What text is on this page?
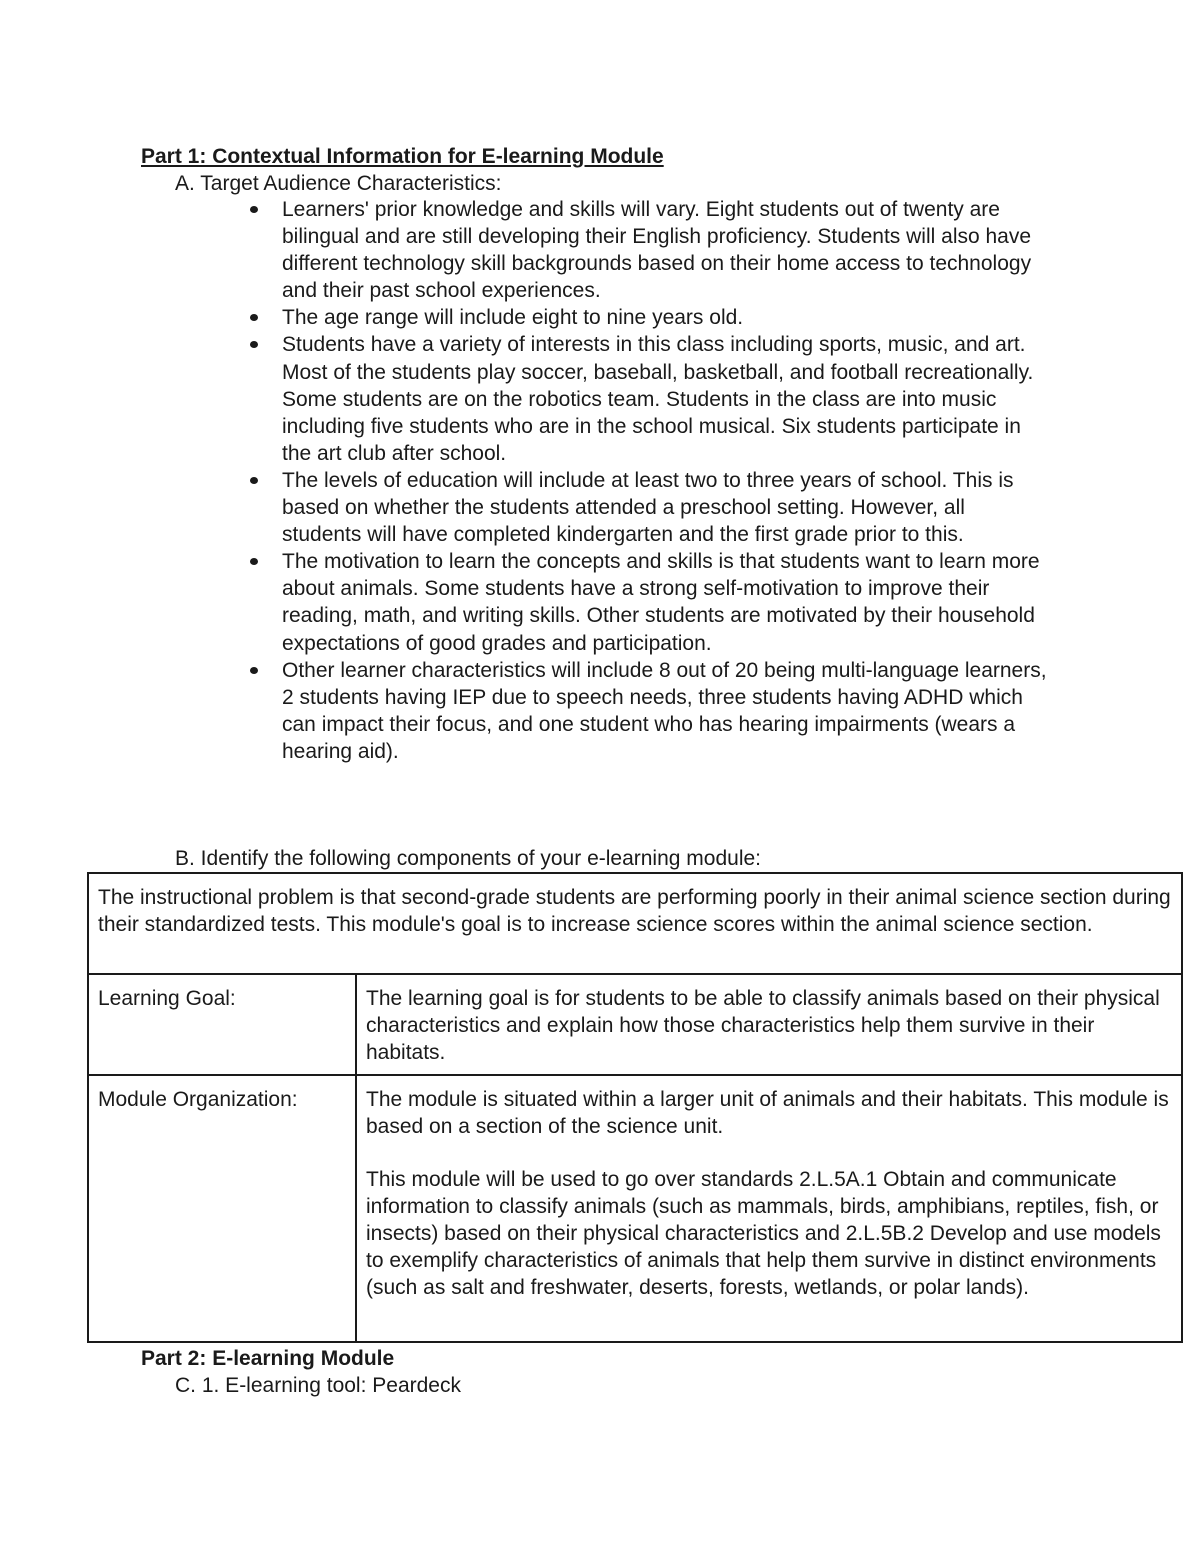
Part 1: Contextual Information for E-learning Module

A. Target Audience Characteristics:

Learners' prior knowledge and skills will vary. Eight students out of twenty are bilingual and are still developing their English proficiency. Students will also have different technology skill backgrounds based on their home access to technology and their past school experiences.
The age range will include eight to nine years old.
Students have a variety of interests in this class including sports, music, and art. Most of the students play soccer, baseball, basketball, and football recreationally. Some students are on the robotics team. Students in the class are into music including five students who are in the school musical. Six students participate in the art club after school.
The levels of education will include at least two to three years of school. This is based on whether the students attended a preschool setting. However, all students will have completed kindergarten and the first grade prior to this.
The motivation to learn the concepts and skills is that students want to learn more about animals. Some students have a strong self-motivation to improve their reading, math, and writing skills. Other students are motivated by their household expectations of good grades and participation.
Other learner characteristics will include 8 out of 20 being multi-language learners, 2 students having IEP due to speech needs, three students having ADHD which can impact their focus, and one student who has hearing impairments (wears a hearing aid).

B. Identify the following components of your e-learning module:

The instructional problem is that second-grade students are performing poorly in their animal science section during their standardized tests. This module's goal is to increase science scores within the animal science section.	

Learning Goal:	The learning goal is for students to be able to classify animals based on their physical characteristics and explain how those characteristics help them survive in their habitats.

Module Organization:	The module is situated within a larger unit of animals and their habitats. This module is based on a section of the science unit.

This module will be used to go over standards 2.L.5A.1 Obtain and communicate information to classify animals (such as mammals, birds, amphibians, reptiles, fish, or insects) based on their physical characteristics and 2.L.5B.2 Develop and use models to exemplify characteristics of animals that help them survive in distinct environments (such as salt and freshwater, deserts, forests, wetlands, or polar lands).

Part 2: E-learning Module

C. 1. E-learning tool: Peardeck
